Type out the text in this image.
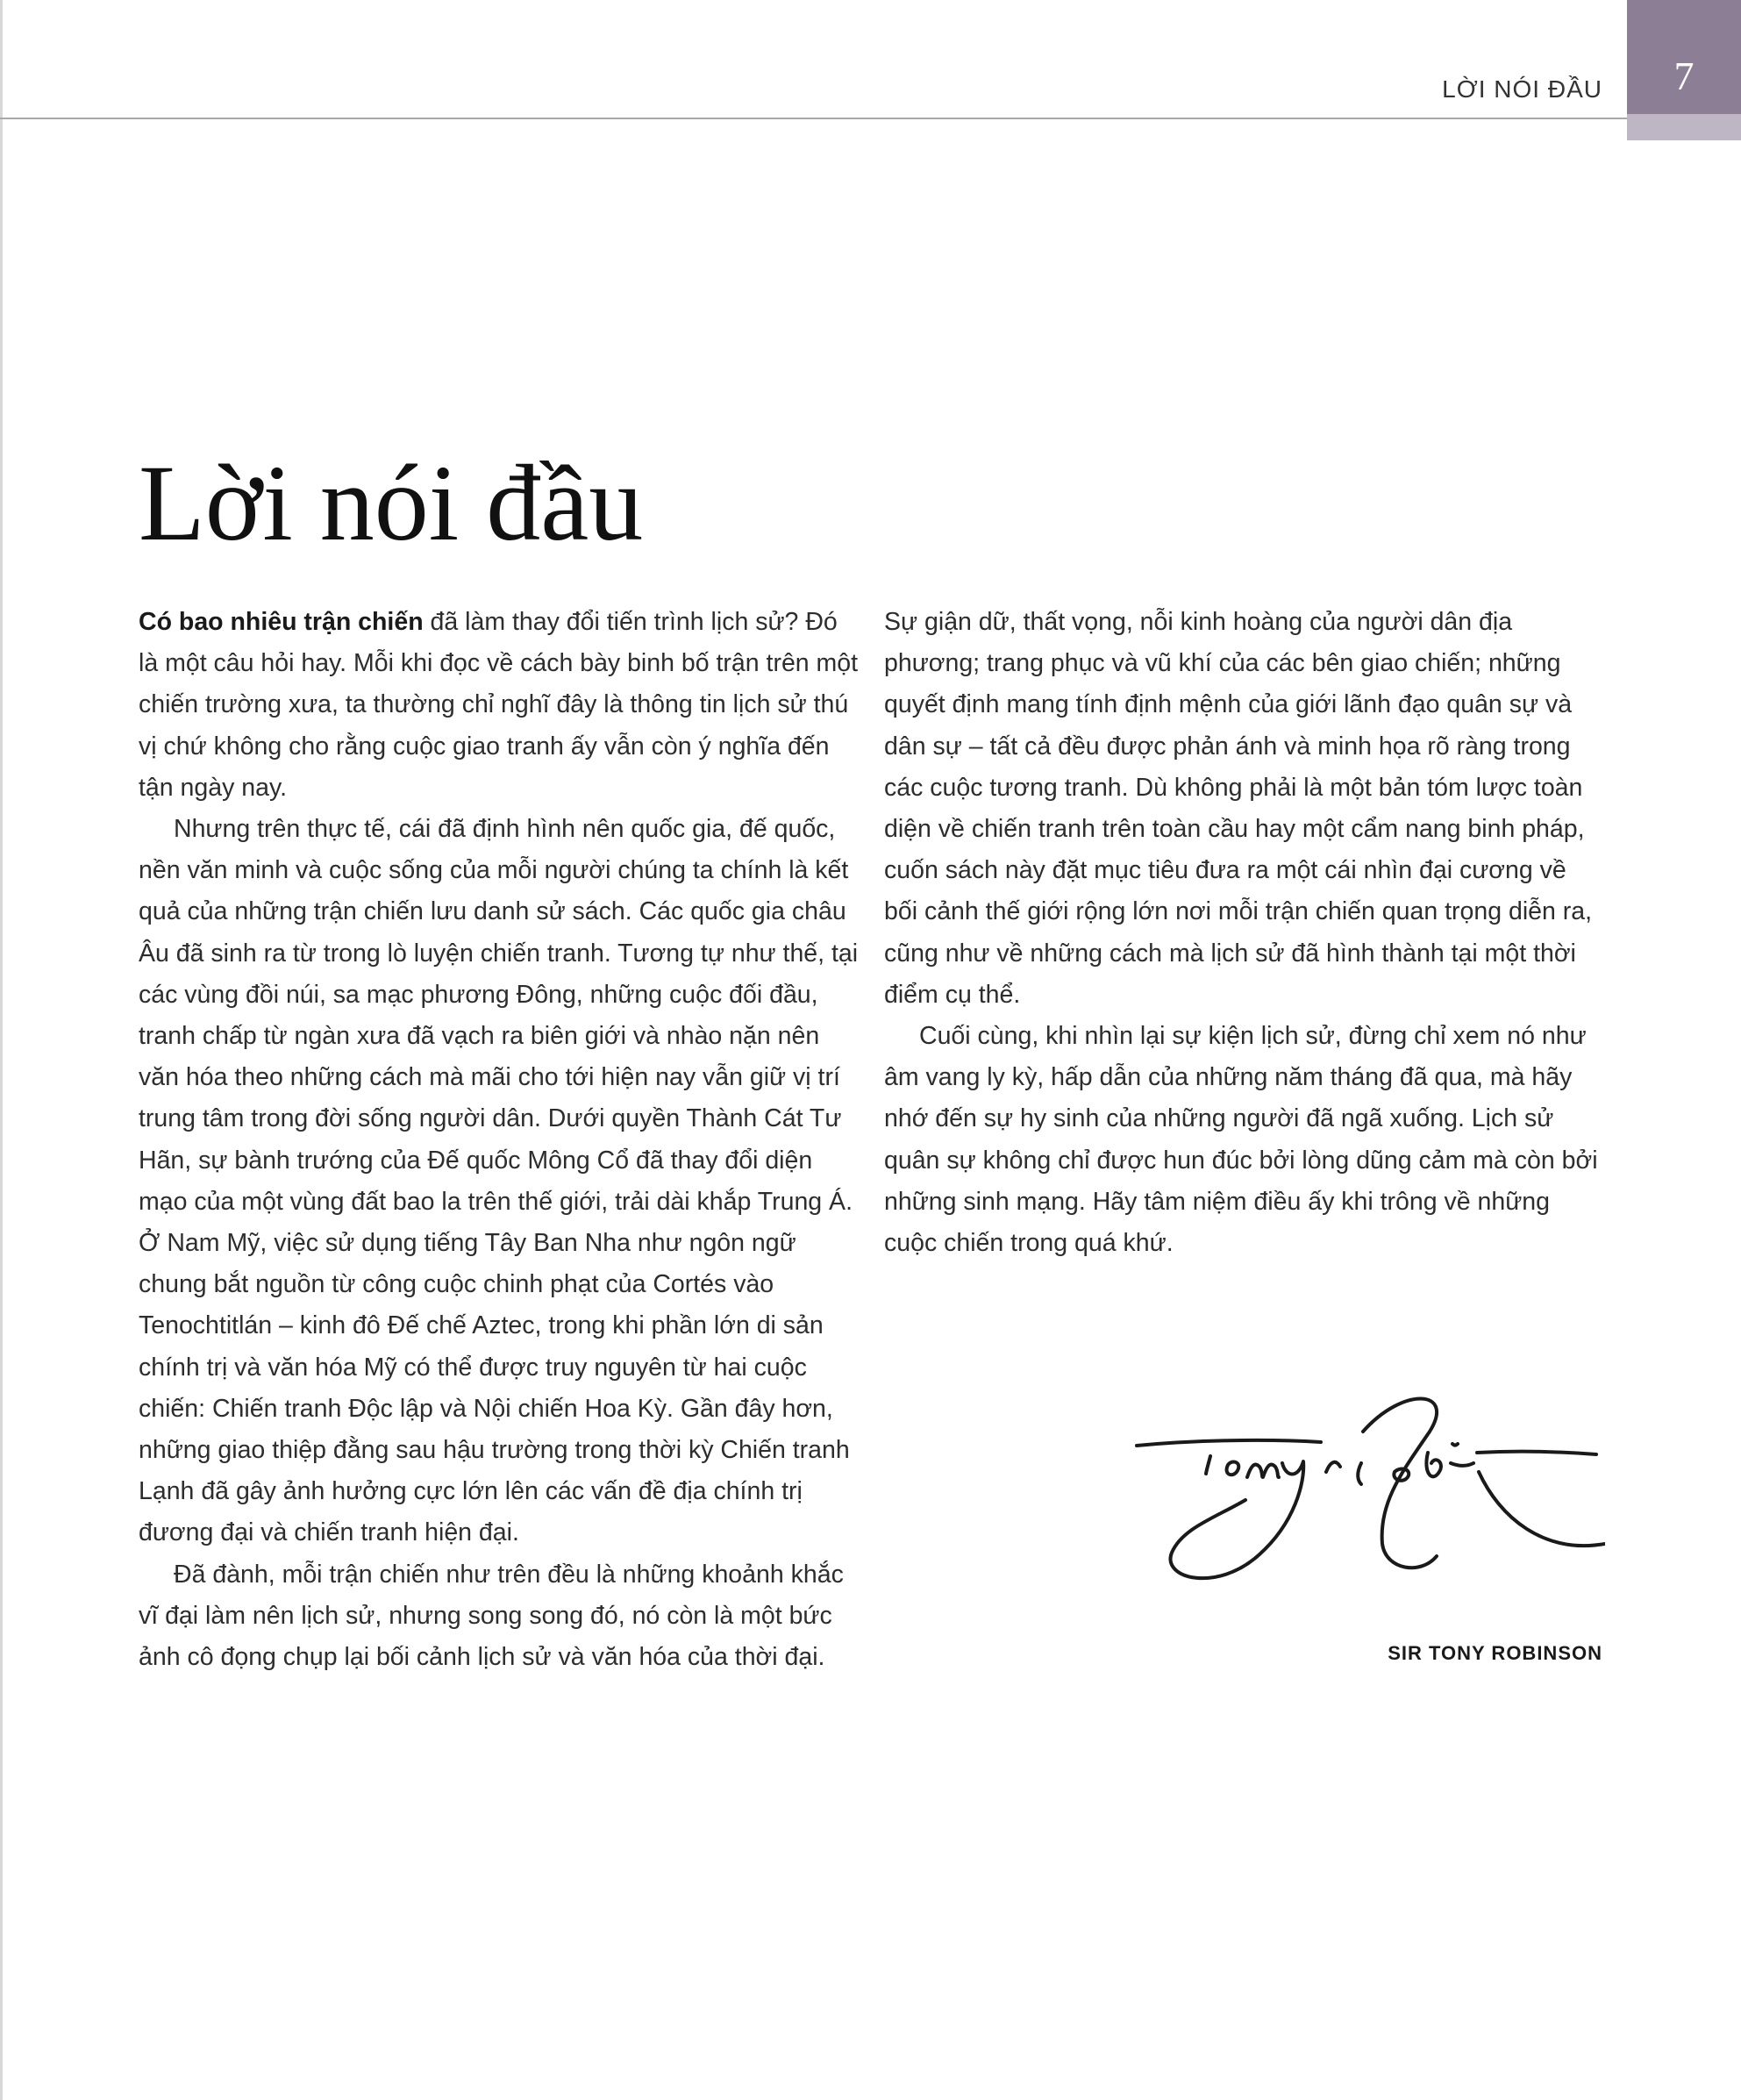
7
LỜI NÓI ĐẦU
Lời nói đầu

Có bao nhiêu trận chiến đã làm thay đổi tiến trình lịch sử? Đó là một câu hỏi hay. Mỗi khi đọc về cách bày binh bố trận trên một chiến trường xưa, ta thường chỉ nghĩ đây là thông tin lịch sử thú vị chứ không cho rằng cuộc giao tranh ấy vẫn còn ý nghĩa đến tận ngày nay.

Nhưng trên thực tế, cái đã định hình nên quốc gia, đế quốc, nền văn minh và cuộc sống của mỗi người chúng ta chính là kết quả của những trận chiến lưu danh sử sách. Các quốc gia châu Âu đã sinh ra từ trong lò luyện chiến tranh. Tương tự như thế, tại các vùng đồi núi, sa mạc phương Đông, những cuộc đối đầu, tranh chấp từ ngàn xưa đã vạch ra biên giới và nhào nặn nên văn hóa theo những cách mà mãi cho tới hiện nay vẫn giữ vị trí trung tâm trong đời sống người dân. Dưới quyền Thành Cát Tư Hãn, sự bành trướng của Đế quốc Mông Cổ đã thay đổi diện mạo của một vùng đất bao la trên thế giới, trải dài khắp Trung Á. Ở Nam Mỹ, việc sử dụng tiếng Tây Ban Nha như ngôn ngữ chung bắt nguồn từ công cuộc chinh phạt của Cortés vào Tenochtitlán – kinh đô Đế chế Aztec, trong khi phần lớn di sản chính trị và văn hóa Mỹ có thể được truy nguyên từ hai cuộc chiến: Chiến tranh Độc lập và Nội chiến Hoa Kỳ. Gần đây hơn, những giao thiệp đằng sau hậu trường trong thời kỳ Chiến tranh Lạnh đã gây ảnh hưởng cực lớn lên các vấn đề địa chính trị đương đại và chiến tranh hiện đại.

Đã đành, mỗi trận chiến như trên đều là những khoảnh khắc vĩ đại làm nên lịch sử, nhưng song song đó, nó còn là một bức ảnh cô đọng chụp lại bối cảnh lịch sử và văn hóa của thời đại.

Sự giận dữ, thất vọng, nỗi kinh hoàng của người dân địa phương; trang phục và vũ khí của các bên giao chiến; những quyết định mang tính định mệnh của giới lãnh đạo quân sự và dân sự – tất cả đều được phản ánh và minh họa rõ ràng trong các cuộc tương tranh. Dù không phải là một bản tóm lược toàn diện về chiến tranh trên toàn cầu hay một cẩm nang binh pháp, cuốn sách này đặt mục tiêu đưa ra một cái nhìn đại cương về bối cảnh thế giới rộng lớn nơi mỗi trận chiến quan trọng diễn ra, cũng như về những cách mà lịch sử đã hình thành tại một thời điểm cụ thể.

Cuối cùng, khi nhìn lại sự kiện lịch sử, đừng chỉ xem nó như âm vang ly kỳ, hấp dẫn của những năm tháng đã qua, mà hãy nhớ đến sự hy sinh của những người đã ngã xuống. Lịch sử quân sự không chỉ được hun đúc bởi lòng dũng cảm mà còn bởi những sinh mạng. Hãy tâm niệm điều ấy khi trông về những cuộc chiến trong quá khứ.

SIR TONY ROBINSON
